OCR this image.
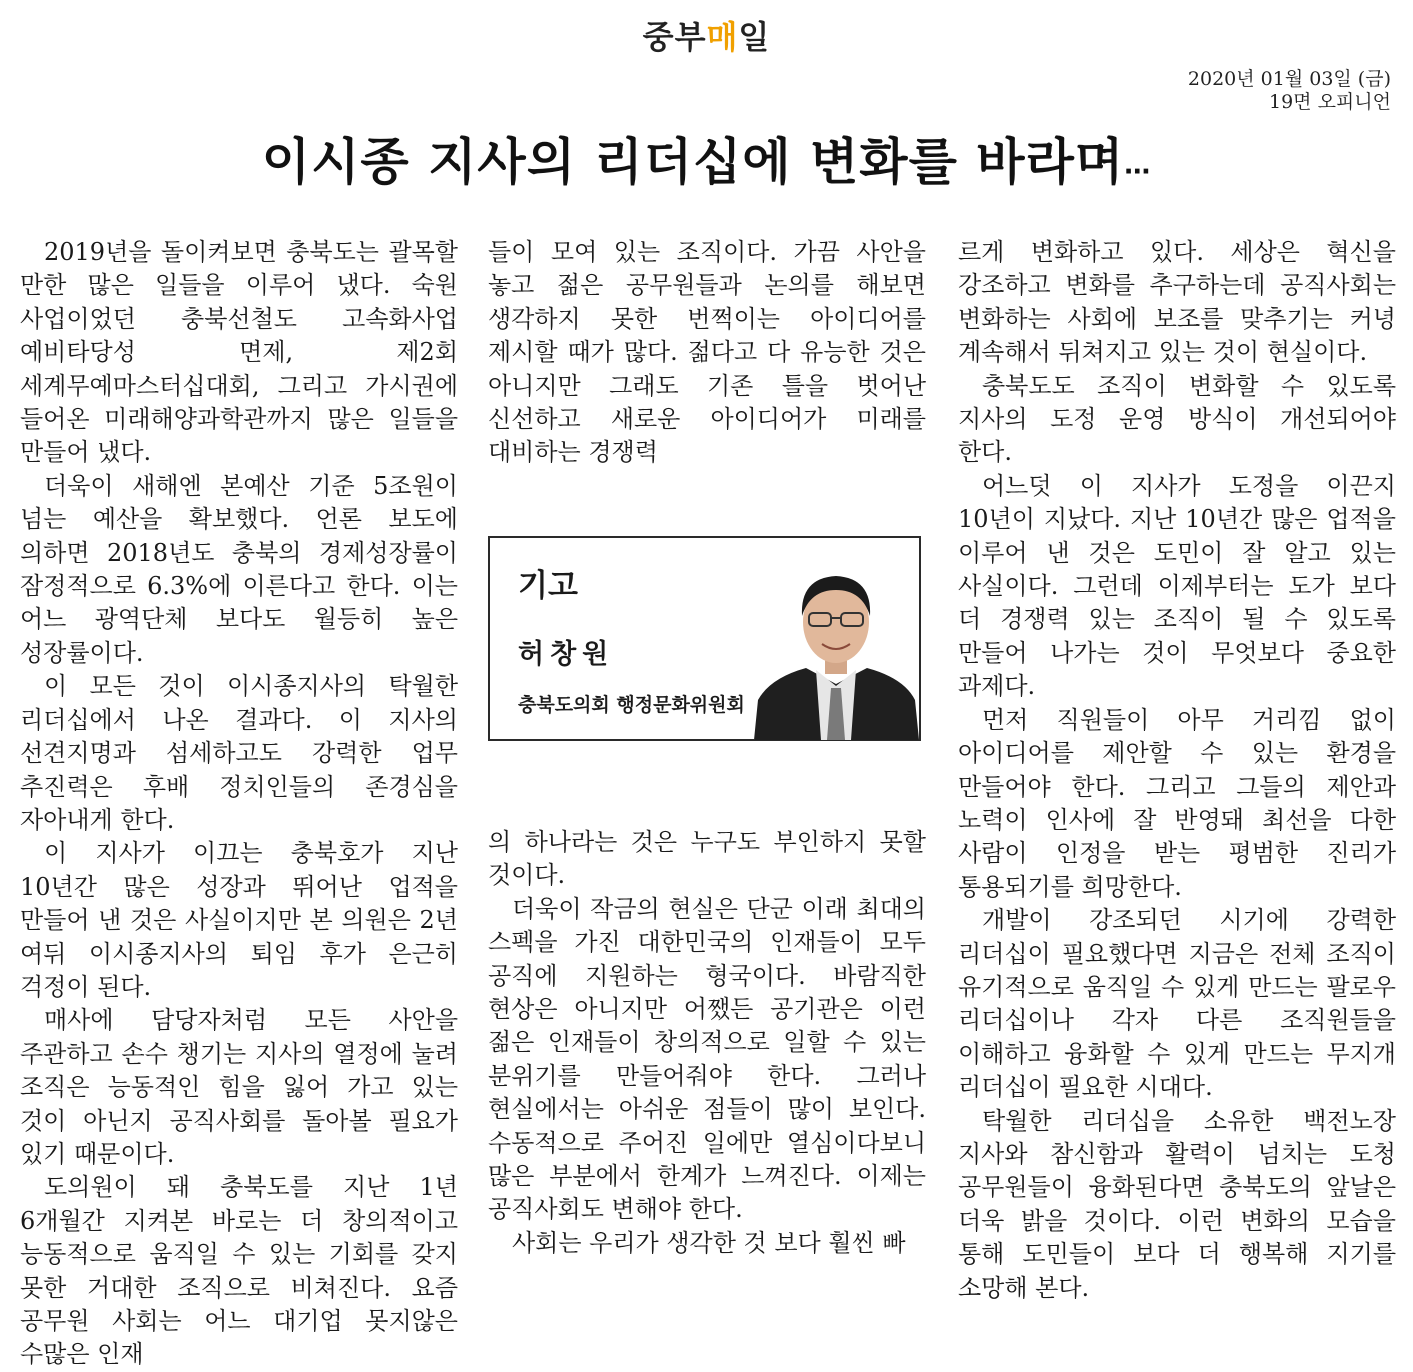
중부매일
2020년 01월 03일 (금)
19면 오피니언
이시종 지사의 리더십에 변화를 바라며…

2019년을 돌이켜보면 충북도는 괄목할 만한 많은 일들을 이루어 냈다. 숙원 사업이었던 충북선철도 고속화사업 예비타당성 면제, 제2회 세계무예마스터십대회, 그리고 가시권에 들어온 미래해양과학관까지 많은 일들을 만들어 냈다.

더욱이 새해엔 본예산 기준 5조원이 넘는 예산을 확보했다. 언론 보도에 의하면 2018년도 충북의 경제성장률이 잠정적으로 6.3%에 이른다고 한다. 이는 어느 광역단체 보다도 월등히 높은 성장률이다.

이 모든 것이 이시종지사의 탁월한 리더십에서 나온 결과다. 이 지사의 선견지명과 섬세하고도 강력한 업무 추진력은 후배 정치인들의 존경심을 자아내게 한다.

이 지사가 이끄는 충북호가 지난 10년간 많은 성장과 뛰어난 업적을 만들어 낸 것은 사실이지만 본 의원은 2년 여뒤 이시종지사의 퇴임 후가 은근히 걱정이 된다.

매사에 담당자처럼 모든 사안을 주관하고 손수 챙기는 지사의 열정에 눌려 조직은 능동적인 힘을 잃어 가고 있는 것이 아닌지 공직사회를 돌아볼 필요가 있기 때문이다.

도의원이 돼 충북도를 지난 1년 6개월간 지켜본 바로는 더 창의적이고 능동적으로 움직일 수 있는 기회를 갖지 못한 거대한 조직으로 비쳐진다. 요즘 공무원 사회는 어느 대기업 못지않은 수많은 인재

들이 모여 있는 조직이다. 가끔 사안을 놓고 젊은 공무원들과 논의를 해보면 생각하지 못한 번쩍이는 아이디어를 제시할 때가 많다. 젊다고 다 유능한 것은 아니지만 그래도 기존 틀을 벗어난 신선하고 새로운 아이디어가 미래를 대비하는 경쟁력

기고
허창원
충북도의회 행정문화위원회

의 하나라는 것은 누구도 부인하지 못할 것이다.

더욱이 작금의 현실은 단군 이래 최대의 스펙을 가진 대한민국의 인재들이 모두 공직에 지원하는 형국이다. 바람직한 현상은 아니지만 어쨌든 공기관은 이런 젊은 인재들이 창의적으로 일할 수 있는 분위기를 만들어줘야 한다. 그러나 현실에서는 아쉬운 점들이 많이 보인다. 수동적으로 주어진 일에만 열심이다보니 많은 부분에서 한계가 느껴진다. 이제는 공직사회도 변해야 한다.

사회는 우리가 생각한 것 보다 훨씬 빠

르게 변화하고 있다. 세상은 혁신을 강조하고 변화를 추구하는데 공직사회는 변화하는 사회에 보조를 맞추기는 커녕 계속해서 뒤쳐지고 있는 것이 현실이다.

충북도도 조직이 변화할 수 있도록 지사의 도정 운영 방식이 개선되어야 한다.

어느덧 이 지사가 도정을 이끈지 10년이 지났다. 지난 10년간 많은 업적을 이루어 낸 것은 도민이 잘 알고 있는 사실이다. 그런데 이제부터는 도가 보다 더 경쟁력 있는 조직이 될 수 있도록 만들어 나가는 것이 무엇보다 중요한 과제다.

먼저 직원들이 아무 거리낌 없이 아이디어를 제안할 수 있는 환경을 만들어야 한다. 그리고 그들의 제안과 노력이 인사에 잘 반영돼 최선을 다한 사람이 인정을 받는 평범한 진리가 통용되기를 희망한다.

개발이 강조되던 시기에 강력한 리더십이 필요했다면 지금은 전체 조직이 유기적으로 움직일 수 있게 만드는 팔로우 리더십이나 각자 다른 조직원들을 이해하고 융화할 수 있게 만드는 무지개 리더십이 필요한 시대다.

탁월한 리더십을 소유한 백전노장 지사와 참신함과 활력이 넘치는 도청 공무원들이 융화된다면 충북도의 앞날은 더욱 밝을 것이다. 이런 변화의 모습을 통해 도민들이 보다 더 행복해 지기를 소망해 본다.
